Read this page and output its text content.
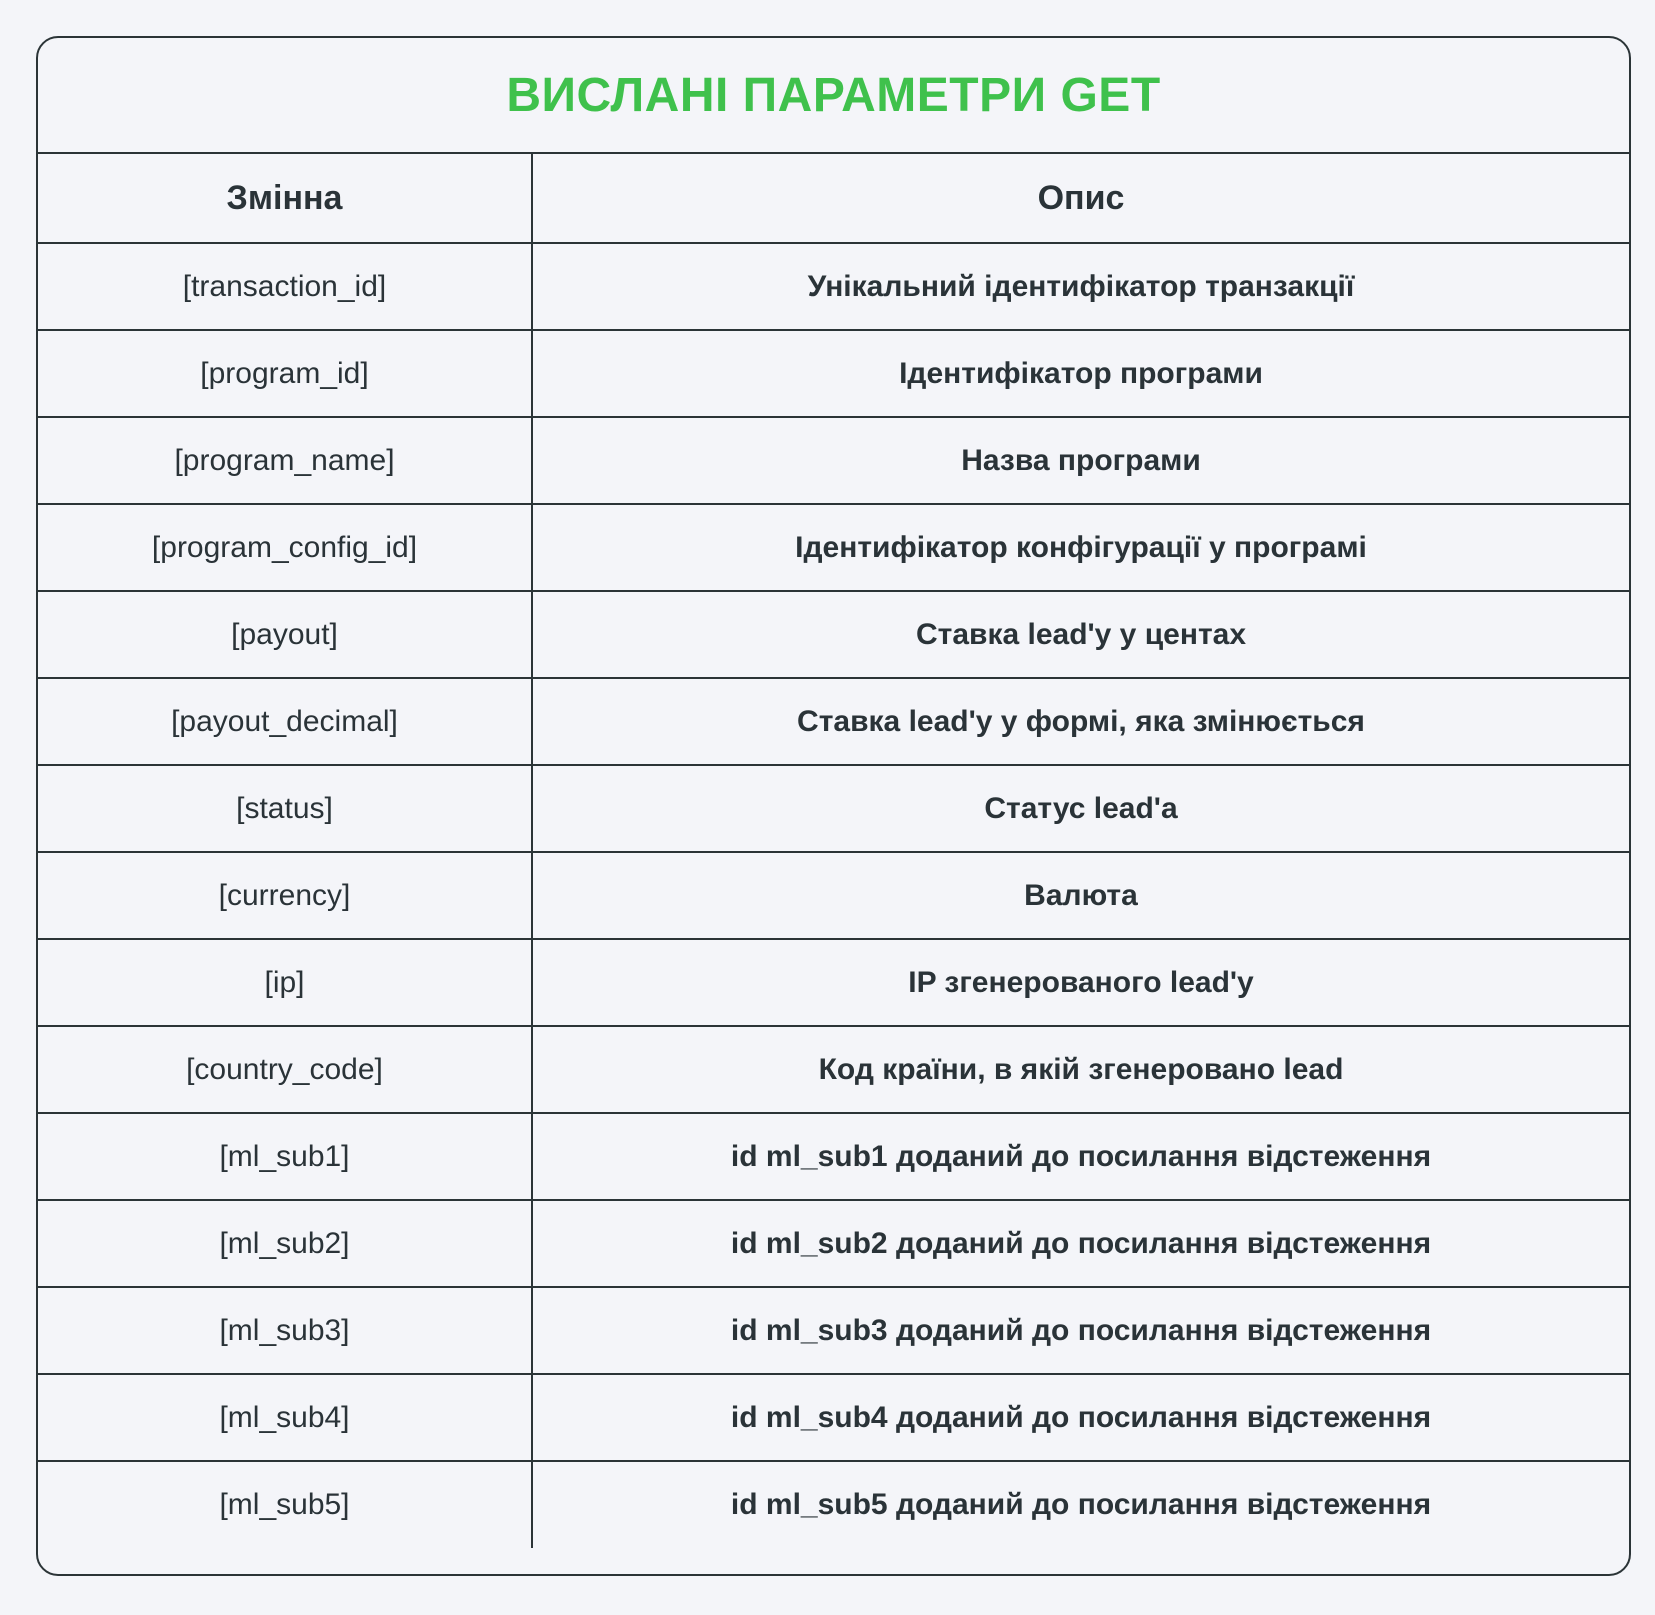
ВИСЛАНІ ПАРАМЕТРИ GET
Змінна	Опис
[transaction_id]	Унікальний ідентифікатор транзакції
[program_id]	Ідентифікатор програми
[program_name]	Назва програми
[program_config_id]	Ідентифікатор конфігурації у програмі
[payout]	Ставка lead'у у центах
[payout_decimal]	Ставка lead'у у формі, яка змінюється
[status]	Статус lead'a
[currency]	Валюта
[ip]	IP згенерованого lead'у
[country_code]	Код країни, в якій згенеровано lead
[ml_sub1]	id ml_sub1 доданий до посилання відстеження
[ml_sub2]	id ml_sub2 доданий до посилання відстеження
[ml_sub3]	id ml_sub3 доданий до посилання відстеження
[ml_sub4]	id ml_sub4 доданий до посилання відстеження
[ml_sub5]	id ml_sub5 доданий до посилання відстеження
